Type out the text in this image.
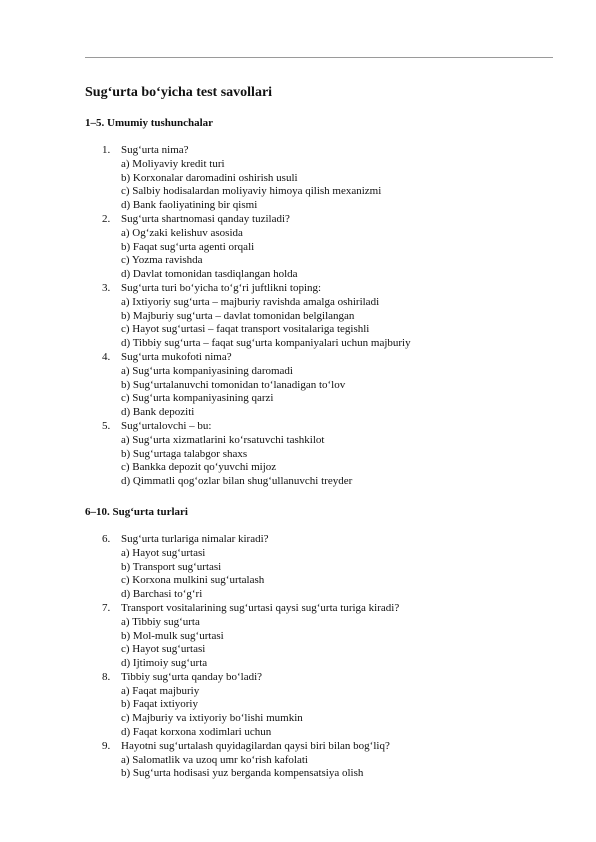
Sug‘urta bo‘yicha test savollari
1–5. Umumiy tushunchalar
1. Sug‘urta nima?
a) Moliyaviy kredit turi
b) Korxonalar daromadini oshirish usuli
c) Salbiy hodisalardan moliyaviy himoya qilish mexanizmi
d) Bank faoliyatining bir qismi
2. Sug‘urta shartnomasi qanday tuziladi?
a) Og‘zaki kelishuv asosida
b) Faqat sug‘urta agenti orqali
c) Yozma ravishda
d) Davlat tomonidan tasdiqlangan holda
3. Sug‘urta turi bo‘yicha to‘g‘ri juftlikni toping:
a) Ixtiyoriy sug‘urta – majburiy ravishda amalga oshiriladi
b) Majburiy sug‘urta – davlat tomonidan belgilangan
c) Hayot sug‘urtasi – faqat transport vositalariga tegishli
d) Tibbiy sug‘urta – faqat sug‘urta kompaniyalari uchun majburiy
4. Sug‘urta mukofoti nima?
a) Sug‘urta kompaniyasining daromadi
b) Sug‘urtalanuvchi tomonidan to‘lanadigan to‘lov
c) Sug‘urta kompaniyasining qarzi
d) Bank depoziti
5. Sug‘urtalovchi – bu:
a) Sug‘urta xizmatlarini ko‘rsatuvchi tashkilot
b) Sug‘urtaga talabgor shaxs
c) Bankka depozit qo‘yuvchi mijoz
d) Qimmatli qog‘ozlar bilan shug‘ullanuvchi treyder
6–10. Sug‘urta turlari
6. Sug‘urta turlariga nimalar kiradi?
a) Hayot sug‘urtasi
b) Transport sug‘urtasi
c) Korxona mulkini sug‘urtalash
d) Barchasi to‘g‘ri
7. Transport vositalarining sug‘urtasi qaysi sug‘urta turiga kiradi?
a) Tibbiy sug‘urta
b) Mol-mulk sug‘urtasi
c) Hayot sug‘urtasi
d) Ijtimoiy sug‘urta
8. Tibbiy sug‘urta qanday bo‘ladi?
a) Faqat majburiy
b) Faqat ixtiyoriy
c) Majburiy va ixtiyoriy bo‘lishi mumkin
d) Faqat korxona xodimlari uchun
9. Hayotni sug‘urtalash quyidagilardan qaysi biri bilan bog‘liq?
a) Salomatlik va uzoq umr ko‘rish kafolati
b) Sug‘urta hodisasi yuz berganda kompensatsiya olish
